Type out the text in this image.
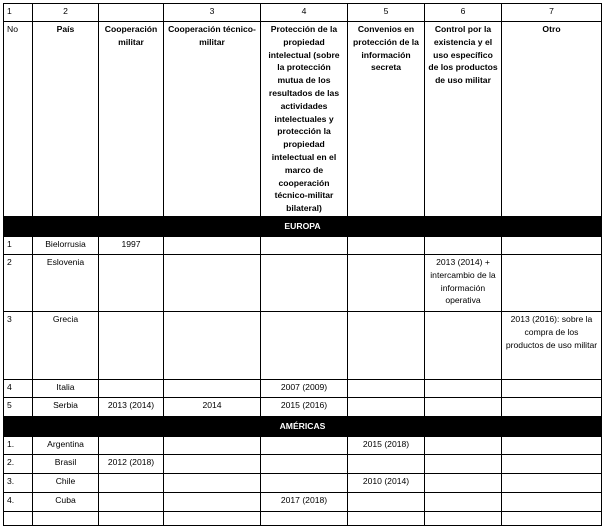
1	2		3	4	5	6	7
No	País	Cooperación militar	Cooperación técnico-militar	Protección de la propiedad intelectual (sobre la protección mutua de los resultados de las actividades intelectuales y protección la propiedad intelectual en el marco de cooperación técnico-militar bilateral)	Convenios en protección de la información secreta	Control por la existencia y el uso específico de los productos de uso militar	Otro
EUROPA							
1	Bielorrusia	1997					
2	Eslovenia					2013 (2014) + intercambio de la información operativa	
3	Grecia						2013 (2016): sobre la compra de los productos de uso militar
4	Italia			2007 (2009)			
5	Serbia	2013 (2014)	2014	2015 (2016)			
AMÉRICAS							
1.	Argentina				2015 (2018)		
2.	Brasil	2012 (2018)					
3.	Chile				2010 (2014)		
4.	Cuba			2017 (2018)			
